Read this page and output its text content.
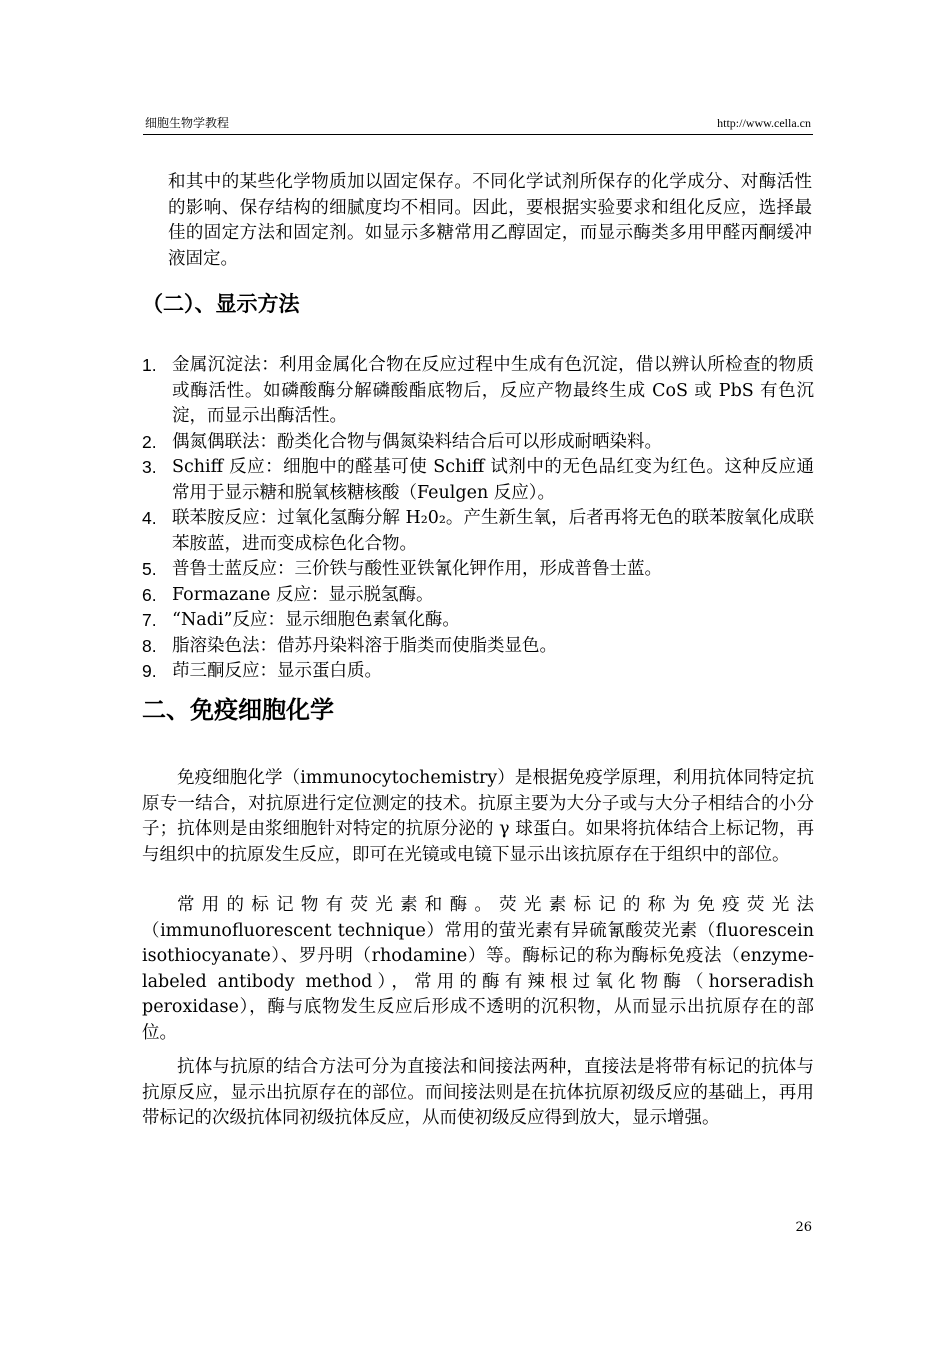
细胞生物学教程	http://www.cella.cn

和其中的某些化学物质加以固定保存。不同化学试剂所保存的化学成分、对酶活性的影响、保存结构的细腻度均不相同。因此，要根据实验要求和组化反应，选择最佳的固定方法和固定剂。如显示多糖常用乙醇固定，而显示酶类多用甲醛丙酮缓冲液固定。

（二）、显示方法
1. 金属沉淀法：利用金属化合物在反应过程中生成有色沉淀，借以辨认所检查的物质或酶活性。如磷酸酶分解磷酸酯底物后，反应产物最终生成 CoS 或 PbS 有色沉淀，而显示出酶活性。
2. 偶氮偶联法：酚类化合物与偶氮染料结合后可以形成耐晒染料。
3. Schiff 反应：细胞中的醛基可使 Schiff 试剂中的无色品红变为红色。这种反应通常用于显示糖和脱氧核糖核酸（Feulgen 反应）。
4. 联苯胺反应：过氧化氢酶分解 H₂0₂。产生新生氧，后者再将无色的联苯胺氧化成联苯胺蓝，进而变成棕色化合物。
5. 普鲁士蓝反应：三价铁与酸性亚铁氰化钾作用，形成普鲁士蓝。
6. Formazane 反应：显示脱氢酶。
7. “Nadi”反应：显示细胞色素氧化酶。
8. 脂溶染色法：借苏丹染料溶于脂类而使脂类显色。
9. 茚三酮反应：显示蛋白质。
二、免疫细胞化学

免疫细胞化学（immunocytochemistry）是根据免疫学原理，利用抗体同特定抗原专一结合，对抗原进行定位测定的技术。抗原主要为大分子或与大分子相结合的小分子；抗体则是由浆细胞针对特定的抗原分泌的 γ 球蛋白。如果将抗体结合上标记物，再与组织中的抗原发生反应，即可在光镜或电镜下显示出该抗原存在于组织中的部位。

常用的标记物有荧光素和酶。荧光素标记的称为免疫荧光法（immunofluorescent technique）常用的萤光素有异硫氰酸荧光素（fluorescein isothiocyanate）、罗丹明（rhodamine）等。酶标记的称为酶标免疫法（enzyme-labeled antibody method），常用的酶有辣根过氧化物酶（horseradish peroxidase），酶与底物发生反应后形成不透明的沉积物，从而显示出抗原存在的部位。

抗体与抗原的结合方法可分为直接法和间接法两种，直接法是将带有标记的抗体与抗原反应，显示出抗原存在的部位。而间接法则是在抗体抗原初级反应的基础上，再用带标记的次级抗体同初级抗体反应，从而使初级反应得到放大，显示增强。

26
